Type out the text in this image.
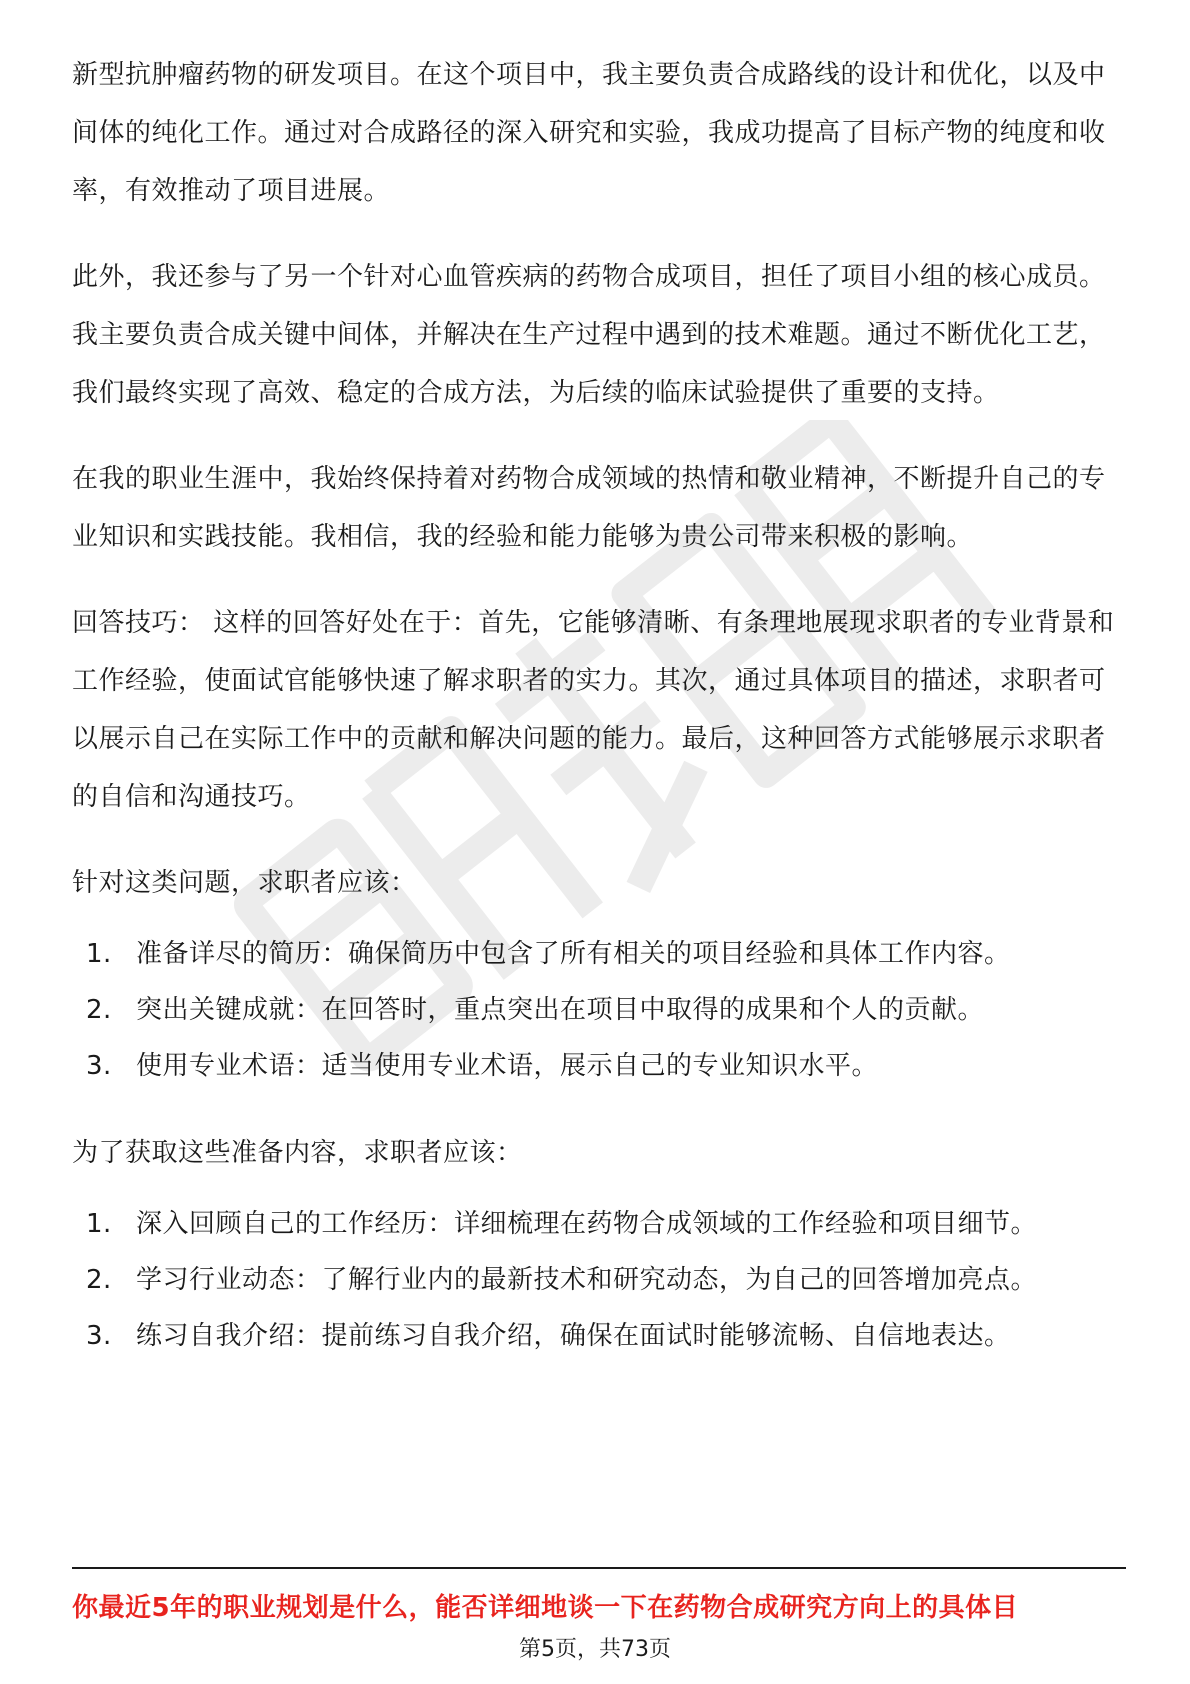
新型抗肿瘤药物的研发项目。在这个项目中，我主要负责合成路线的设计和优化，以及中间体的纯化工作。通过对合成路径的深入研究和实验，我成功提高了目标产物的纯度和收率，有效推动了项目进展。

此外，我还参与了另一个针对心血管疾病的药物合成项目，担任了项目小组的核心成员。我主要负责合成关键中间体，并解决在生产过程中遇到的技术难题。通过不断优化工艺，我们最终实现了高效、稳定的合成方法，为后续的临床试验提供了重要的支持。

在我的职业生涯中，我始终保持着对药物合成领域的热情和敬业精神，不断提升自己的专业知识和实践技能。我相信，我的经验和能力能够为贵公司带来积极的影响。

回答技巧： 这样的回答好处在于：首先，它能够清晰、有条理地展现求职者的专业背景和工作经验，使面试官能够快速了解求职者的实力。其次，通过具体项目的描述，求职者可以展示自己在实际工作中的贡献和解决问题的能力。最后，这种回答方式能够展示求职者的自信和沟通技巧。

针对这类问题，求职者应该：

1. 准备详尽的简历：确保简历中包含了所有相关的项目经验和具体工作内容。
2. 突出关键成就：在回答时，重点突出在项目中取得的成果和个人的贡献。
3. 使用专业术语：适当使用专业术语，展示自己的专业知识水平。

为了获取这些准备内容，求职者应该：

1. 深入回顾自己的工作经历：详细梳理在药物合成领域的工作经验和项目细节。
2. 学习行业动态：了解行业内的最新技术和研究动态，为自己的回答增加亮点。
3. 练习自我介绍：提前练习自我介绍，确保在面试时能够流畅、自信地表达。
你最近5年的职业规划是什么，能否详细地谈一下在药物合成研究方向上的具体目
第5页，共73页
